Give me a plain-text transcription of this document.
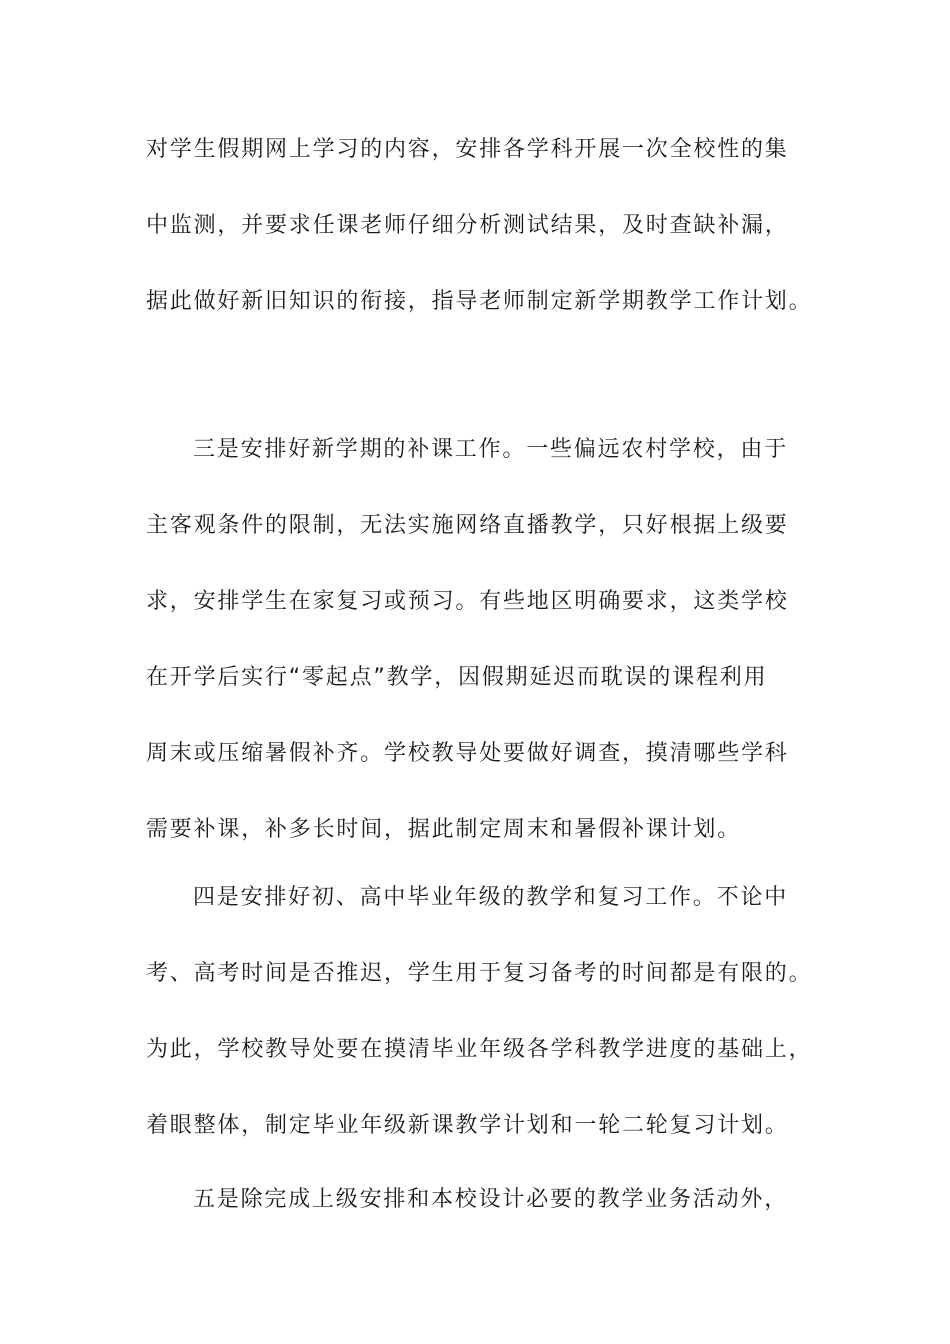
对学生假期网上学习的内容，安排各学科开展一次全校性的集
中监测，并要求任课老师仔细分析测试结果，及时查缺补漏，
据此做好新旧知识的衔接，指导老师制定新学期教学工作计划。
三是安排好新学期的补课工作。一些偏远农村学校，由于
主客观条件的限制，无法实施网络直播教学，只好根据上级要
求，安排学生在家复习或预习。有些地区明确要求，这类学校
在开学后实行“零起点”教学，因假期延迟而耽误的课程利用
周末或压缩暑假补齐。学校教导处要做好调查，摸清哪些学科
需要补课，补多长时间，据此制定周末和暑假补课计划。
四是安排好初、高中毕业年级的教学和复习工作。不论中
考、高考时间是否推迟，学生用于复习备考的时间都是有限的。
为此，学校教导处要在摸清毕业年级各学科教学进度的基础上，
着眼整体，制定毕业年级新课教学计划和一轮二轮复习计划。
五是除完成上级安排和本校设计必要的教学业务活动外，
